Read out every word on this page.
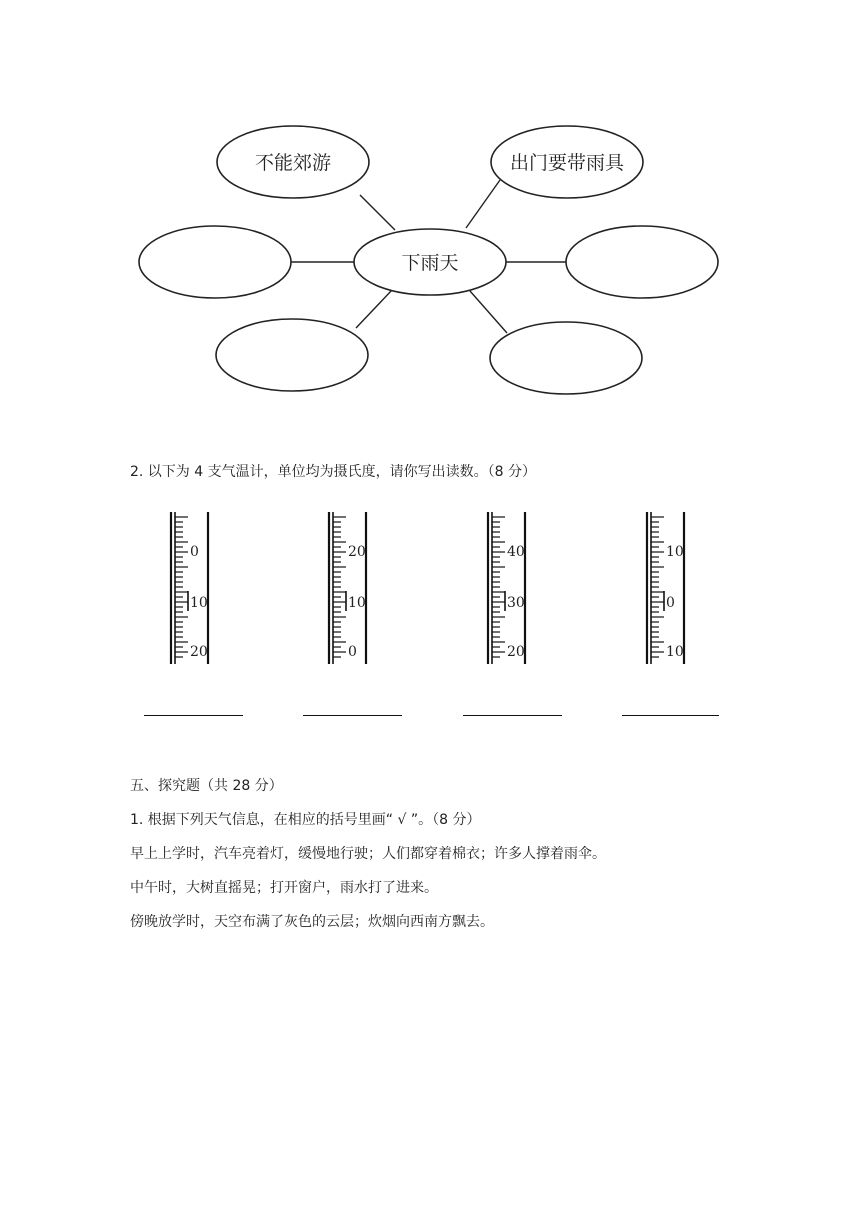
不能郊游	出门要带雨具
下雨天
2. 以下为 4 支气温计，单位均为摄氏度，请你写出读数。（8 分）
0
10
20
20
10
0
40
30
20
10
0
10
五、探究题（共 28 分）
1. 根据下列天气信息，在相应的括号里画“ √ ”。（8 分）
早上上学时，汽车亮着灯，缓慢地行驶；人们都穿着棉衣；许多人撑着雨伞。
中午时，大树直摇晃；打开窗户，雨水打了进来。
傍晚放学时，天空布满了灰色的云层；炊烟向西南方飘去。
